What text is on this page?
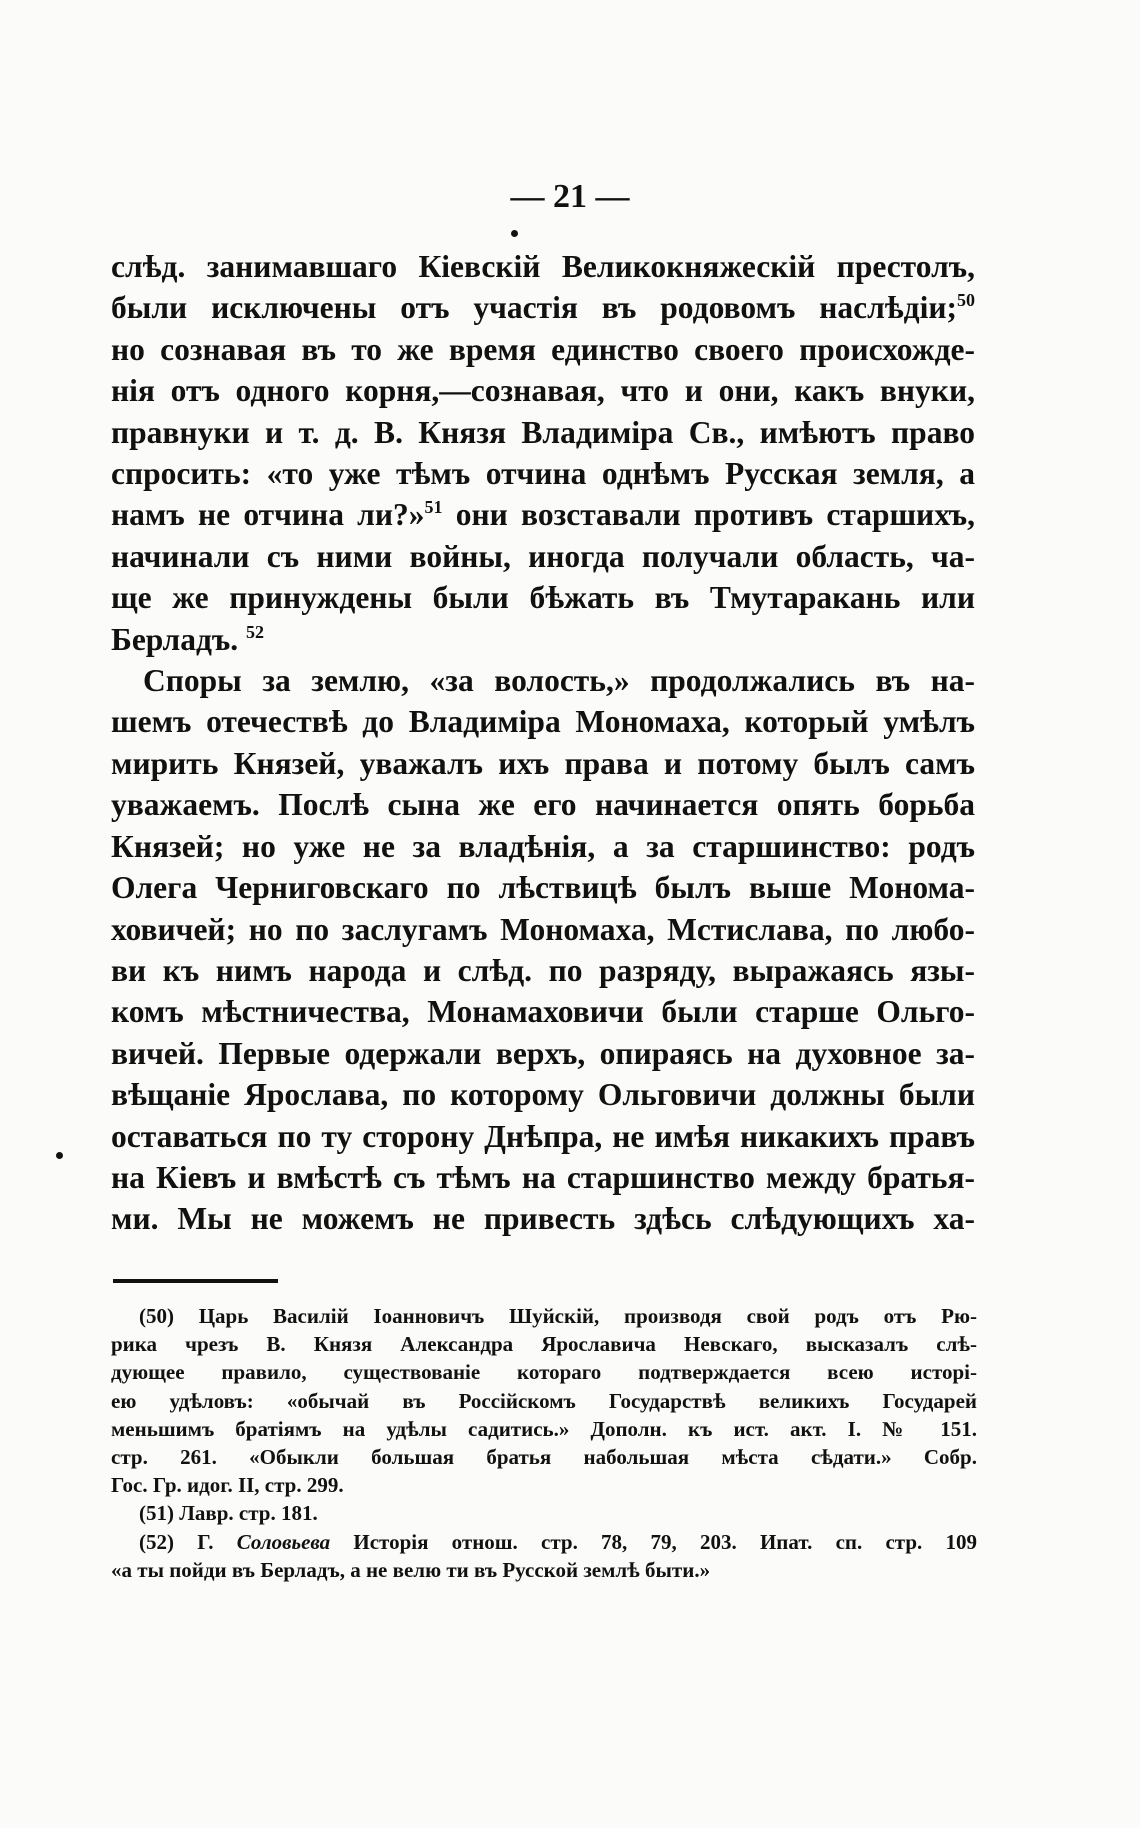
— 21 —
слѣд. занимавшаго Кіевскій Великокняжескій престолъ,
были исключены отъ участія въ родовомъ наслѣдіи;$^{50}$
но сознавая въ то же время единство своего происхожде-
нія отъ одного корня,—сознавая, что и они, какъ внуки,
правнуки и т. д. В. Князя Владиміра Св., имѣютъ право
спросить: «то уже тѣмъ отчина однѣмъ Русская земля, а
намъ не отчина ли?»$^{51}$ они возставали противъ старшихъ,
начинали съ ними войны, иногда получали область, ча-
ще же принуждены были бѣжать въ Тмутаракань или
Берладъ. $^{52}$
Споры за землю, «за волость,» продолжались въ на-
шемъ отечествѣ до Владиміра Мономаха, который умѣлъ
мирить Князей, уважалъ ихъ права и потому былъ самъ
уважаемъ. Послѣ сына же его начинается опять борьба
Князей; но уже не за владѣнія, а за старшинство: родъ
Олега Черниговскаго по лѣствицѣ былъ выше Монома-
ховичей; но по заслугамъ Мономаха, Мстислава, по любо-
ви къ нимъ народа и слѣд. по разряду, выражаясь язы-
комъ мѣстничества, Монамаховичи были старше Ольго-
вичей. Первые одержали верхъ, опираясь на духовное за-
вѣщаніе Ярослава, по которому Ольговичи должны были
оставаться по ту сторону Днѣпра, не имѣя никакихъ правъ
на Кіевъ и вмѣстѣ съ тѣмъ на старшинство между братья-
ми. Мы не можемъ не привесть здѣсь слѣдующихъ ха-
(50) Царь Василій Іоанновичъ Шуйскій, производя свой родъ отъ Рю-
рика чрезъ В. Князя Александра Ярославича Невскаго, высказалъ слѣ-
дующее правило, существованіе котораго подтверждается всею исторі-
ею удѣловъ: «обычай въ Россійскомъ Государствѣ великихъ Государей
меньшимъ братіямъ на удѣлы садитись.» Дополн. къ ист. акт. I. № 151.
стр. 261. «Обыкли большая братья набольшая мѣста сѣдати.» Собр.
Гос. Гр. идог. II, стр. 299.
(51) Лавр. стр. 181.
(52) Г. Соловьева Исторія отнош. стр. 78, 79, 203. Ипат. сп. стр. 109
«а ты пойди въ Берладъ, а не велю ти въ Русской землѣ быти.»
